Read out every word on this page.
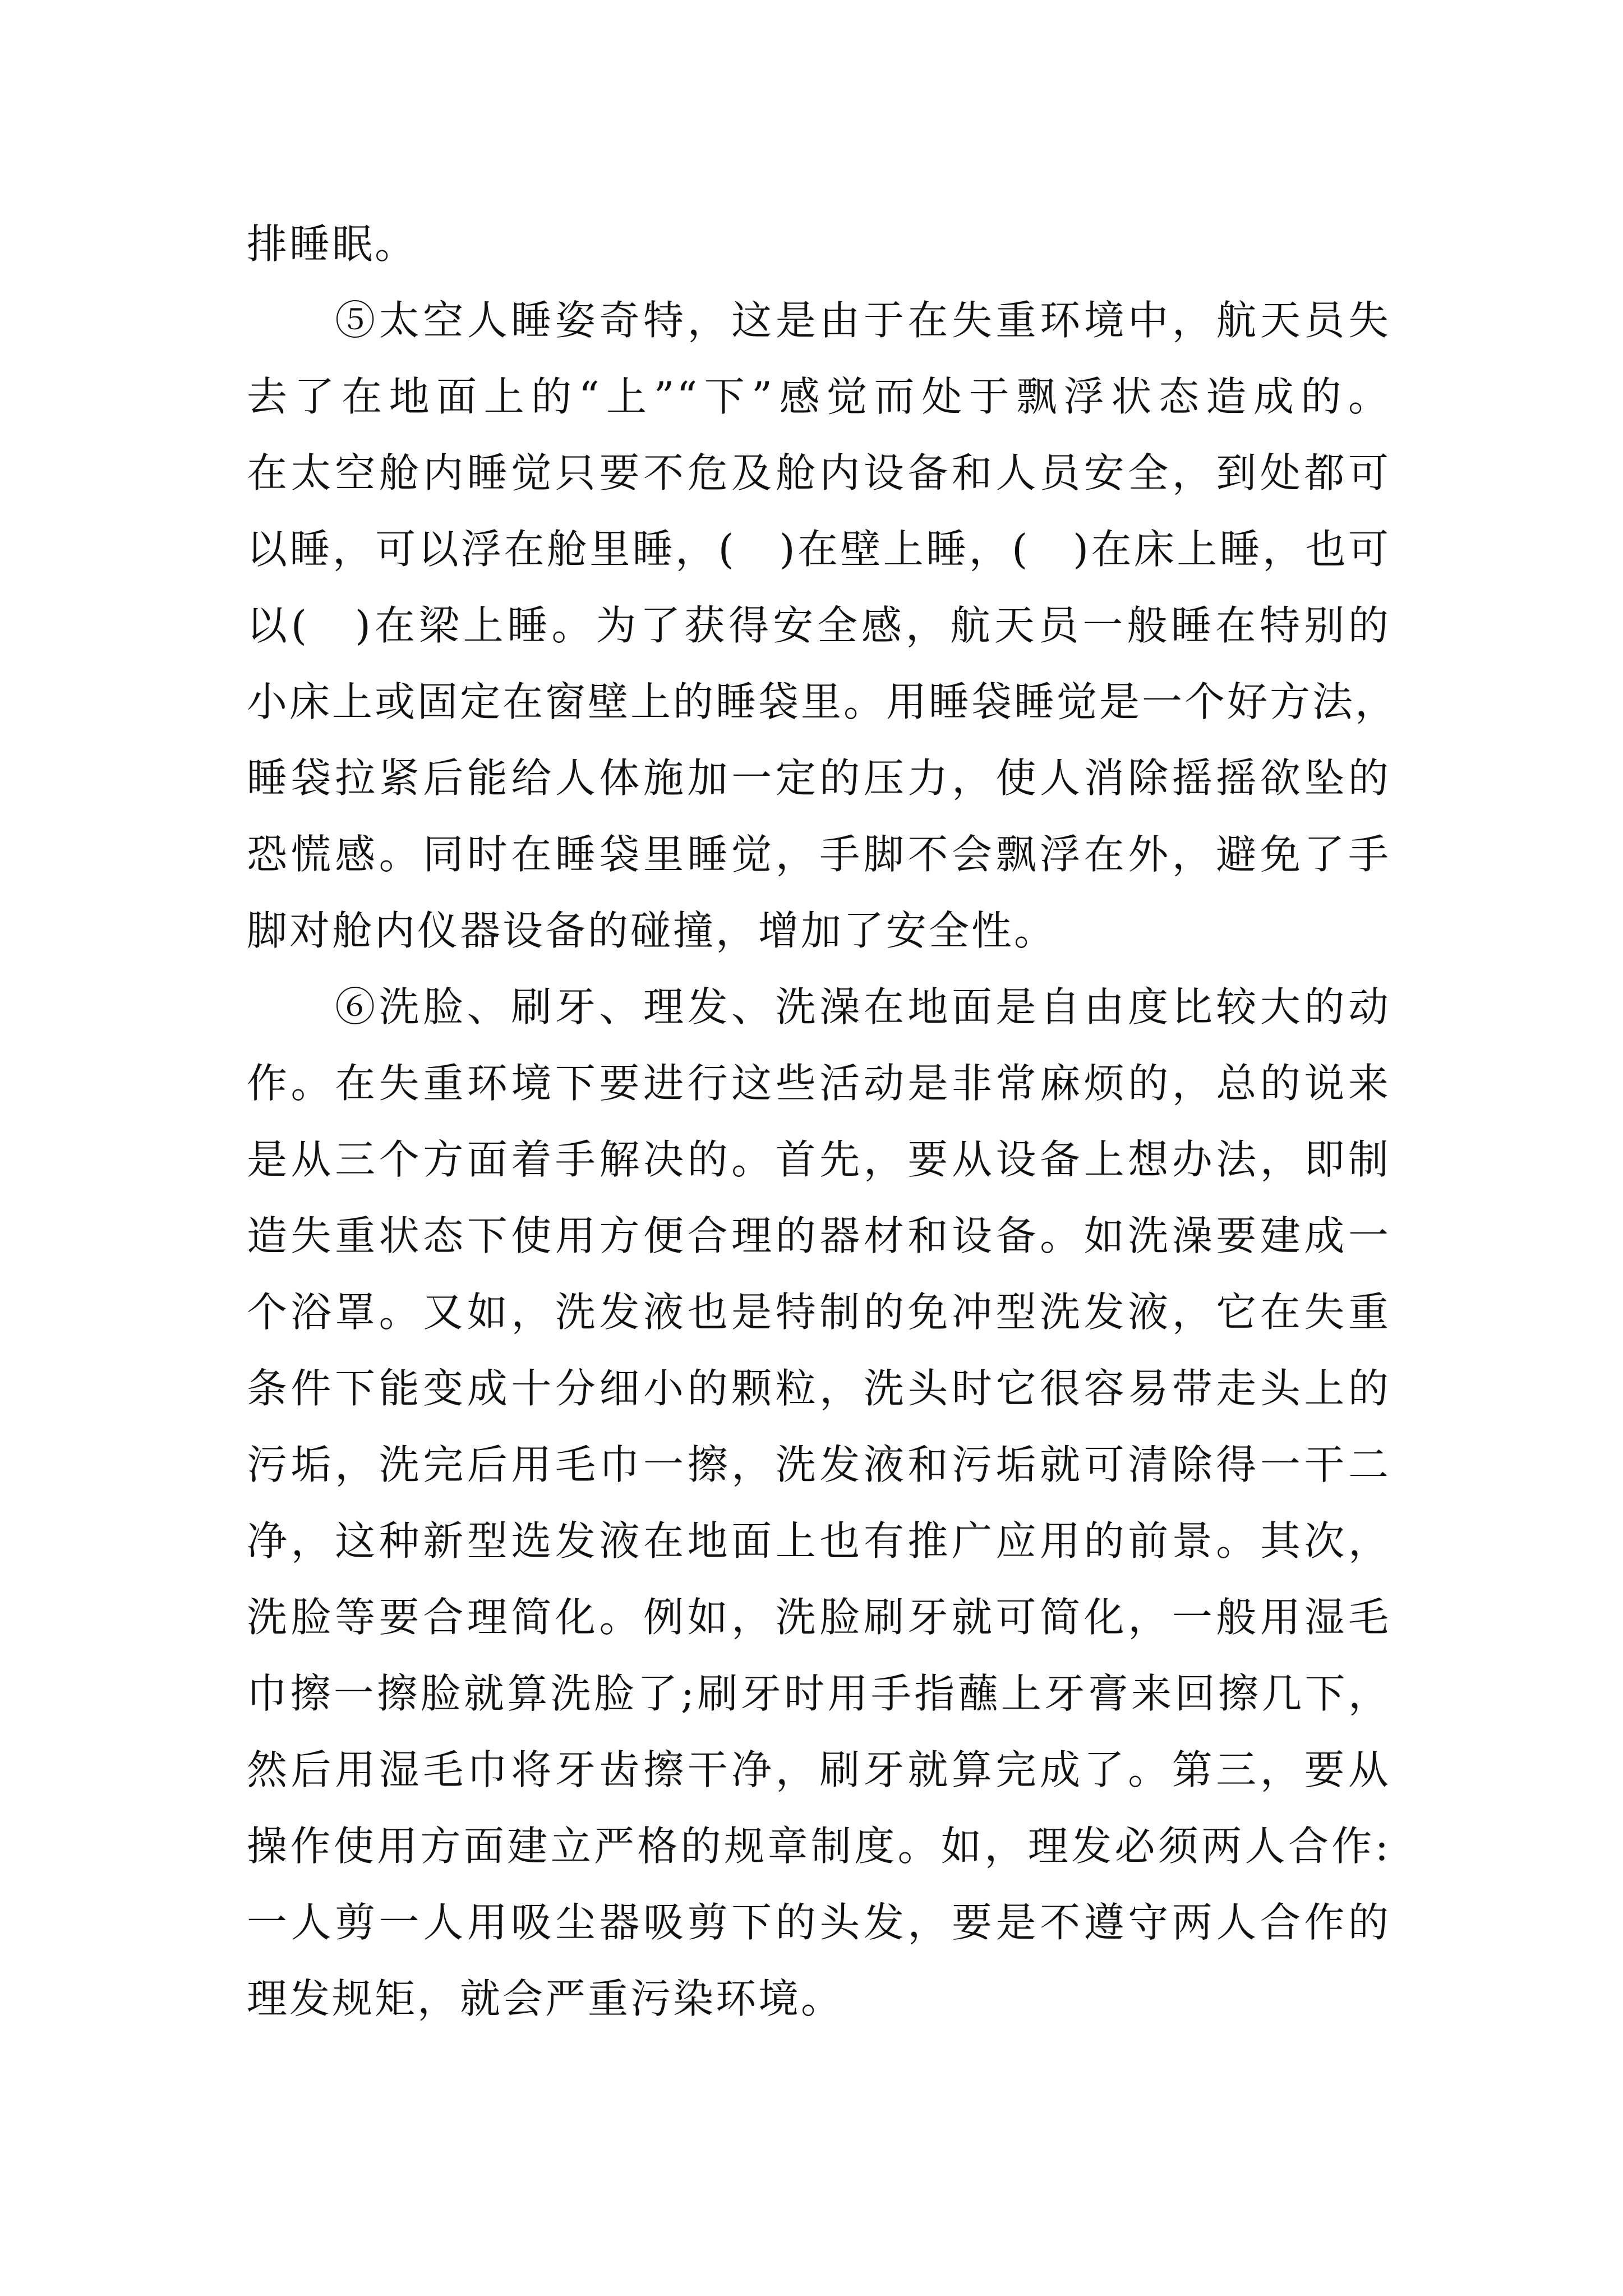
排睡眠。
　　⑤太空人睡姿奇特，这是由于在失重环境中，航天员失
去了在地面上的“上”“下”感觉而处于飘浮状态造成的。
在太空舱内睡觉只要不危及舱内设备和人员安全，到处都可
以睡，可以浮在舱里睡，(　)在壁上睡，(　)在床上睡，也可
以(　)在梁上睡。为了获得安全感，航天员一般睡在特别的
小床上或固定在窗壁上的睡袋里。用睡袋睡觉是一个好方法，
睡袋拉紧后能给人体施加一定的压力，使人消除摇摇欲坠的
恐慌感。同时在睡袋里睡觉，手脚不会飘浮在外，避免了手
脚对舱内仪器设备的碰撞，增加了安全性。
　　⑥洗脸、刷牙、理发、洗澡在地面是自由度比较大的动
作。在失重环境下要进行这些活动是非常麻烦的，总的说来
是从三个方面着手解决的。首先，要从设备上想办法，即制
造失重状态下使用方便合理的器材和设备。如洗澡要建成一
个浴罩。又如，洗发液也是特制的免冲型洗发液，它在失重
条件下能变成十分细小的颗粒，洗头时它很容易带走头上的
污垢，洗完后用毛巾一擦，洗发液和污垢就可清除得一干二
净，这种新型选发液在地面上也有推广应用的前景。其次，
洗脸等要合理简化。例如，洗脸刷牙就可简化，一般用湿毛
巾擦一擦脸就算洗脸了;刷牙时用手指蘸上牙膏来回擦几下，
然后用湿毛巾将牙齿擦干净，刷牙就算完成了。第三，要从
操作使用方面建立严格的规章制度。如，理发必须两人合作:
一人剪一人用吸尘器吸剪下的头发，要是不遵守两人合作的
理发规矩，就会严重污染环境。
